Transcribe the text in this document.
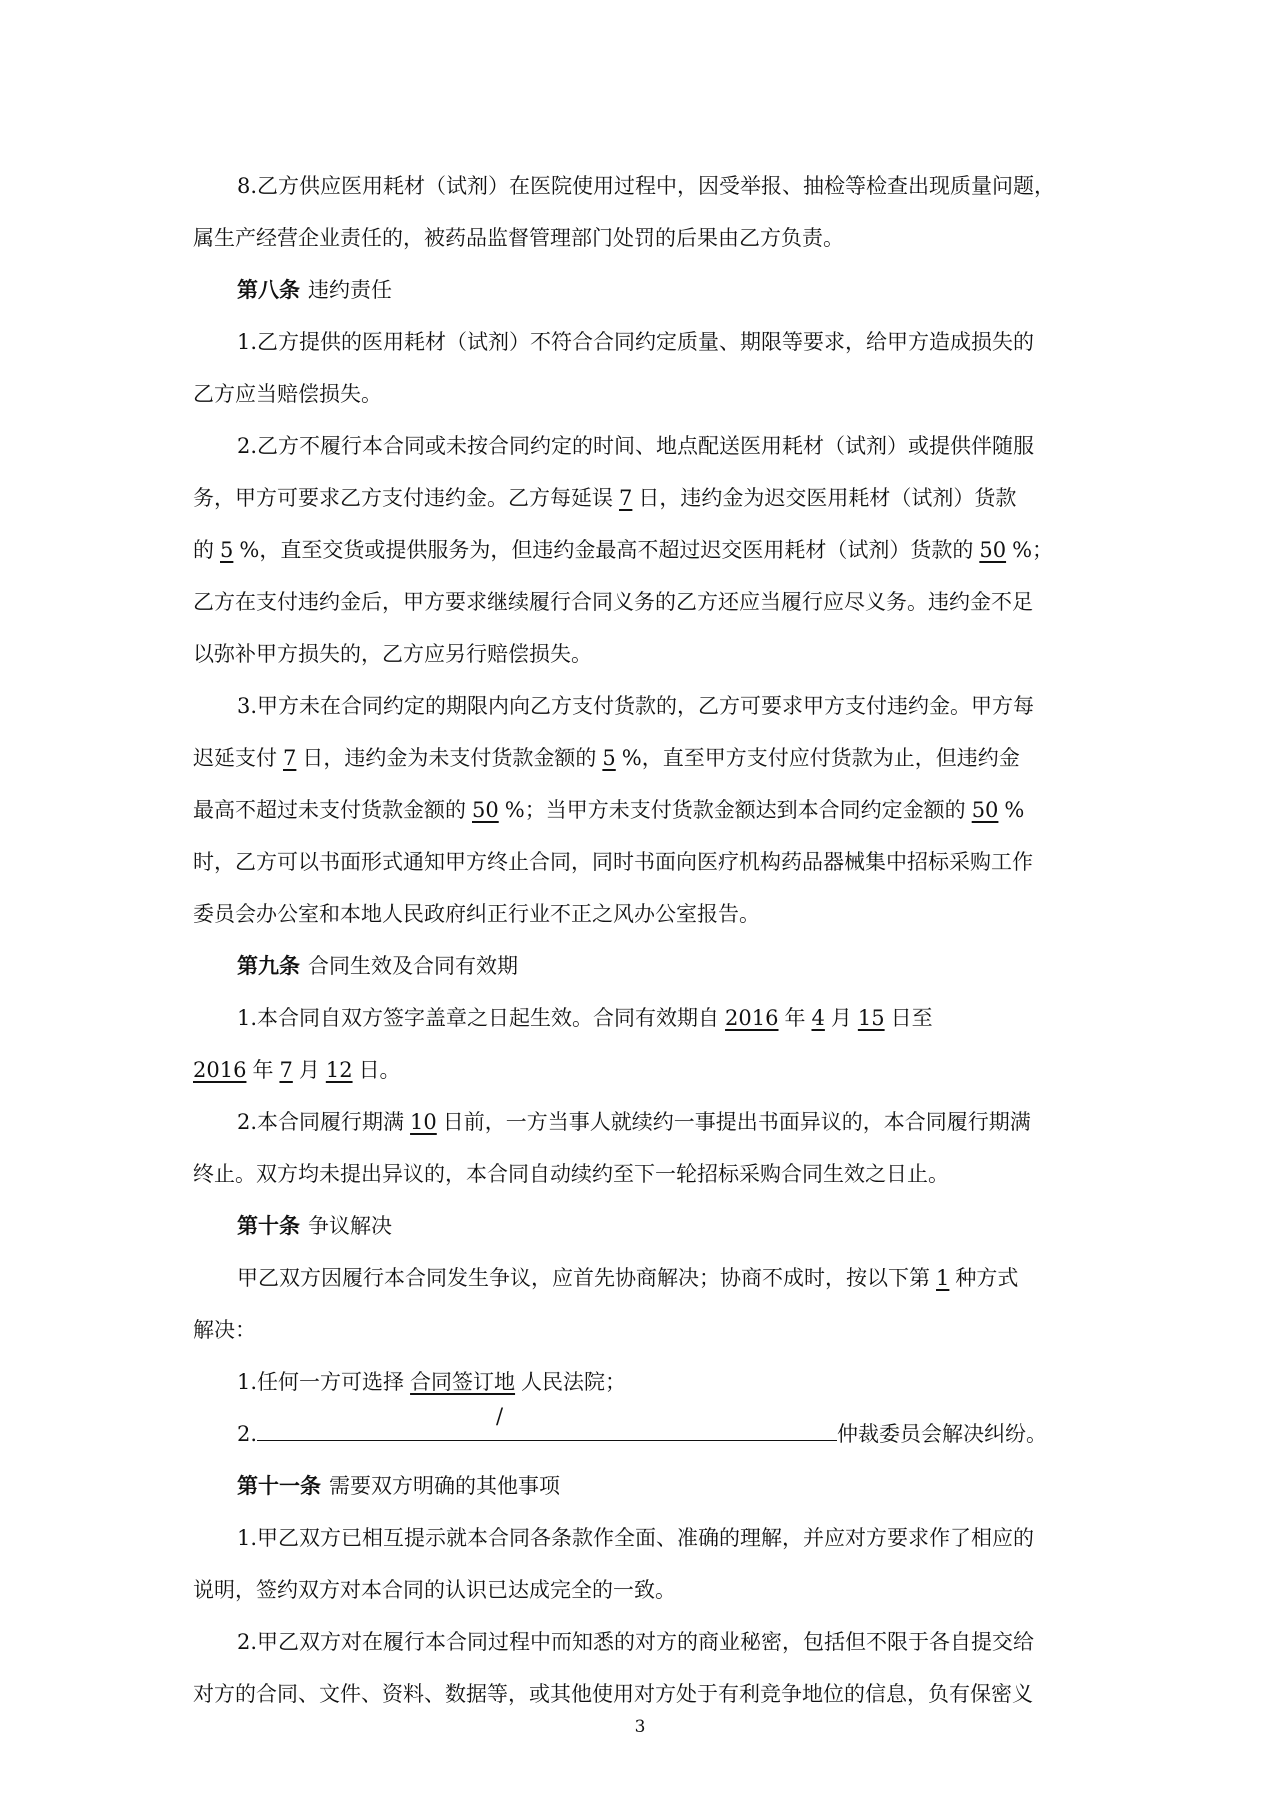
8.乙方供应医用耗材（试剂）在医院使用过程中，因受举报、抽检等检查出现质量问题，

属生产经营企业责任的，被药品监督管理部门处罚的后果由乙方负责。

第八条 违约责任

1.乙方提供的医用耗材（试剂）不符合合同约定质量、期限等要求，给甲方造成损失的

乙方应当赔偿损失。

2.乙方不履行本合同或未按合同约定的时间、地点配送医用耗材（试剂）或提供伴随服

务，甲方可要求乙方支付违约金。乙方每延误 7 日，违约金为迟交医用耗材（试剂）货款

的 5 %，直至交货或提供服务为，但违约金最高不超过迟交医用耗材（试剂）货款的 50 %；

乙方在支付违约金后，甲方要求继续履行合同义务的乙方还应当履行应尽义务。违约金不足

以弥补甲方损失的，乙方应另行赔偿损失。

3.甲方未在合同约定的期限内向乙方支付货款的，乙方可要求甲方支付违约金。甲方每

迟延支付 7 日，违约金为未支付货款金额的 5 %，直至甲方支付应付货款为止，但违约金

最高不超过未支付货款金额的 50 %；当甲方未支付货款金额达到本合同约定金额的 50 %

时，乙方可以书面形式通知甲方终止合同，同时书面向医疗机构药品器械集中招标采购工作

委员会办公室和本地人民政府纠正行业不正之风办公室报告。

第九条 合同生效及合同有效期

1.本合同自双方签字盖章之日起生效。合同有效期自 2016 年 4 月 15 日至

2016 年 7 月 12 日。

2.本合同履行期满 10 日前，一方当事人就续约一事提出书面异议的，本合同履行期满

终止。双方均未提出异议的，本合同自动续约至下一轮招标采购合同生效之日止。

第十条 争议解决

甲乙双方因履行本合同发生争议，应首先协商解决；协商不成时，按以下第 1 种方式

解决：

1.任何一方可选择 合同签订地 人民法院；

2.
/
仲裁委员会解决纠纷。

第十一条 需要双方明确的其他事项

1.甲乙双方已相互提示就本合同各条款作全面、准确的理解，并应对方要求作了相应的

说明，签约双方对本合同的认识已达成完全的一致。

2.甲乙双方对在履行本合同过程中而知悉的对方的商业秘密，包括但不限于各自提交给

对方的合同、文件、资料、数据等，或其他使用对方处于有利竞争地位的信息，负有保密义

3
